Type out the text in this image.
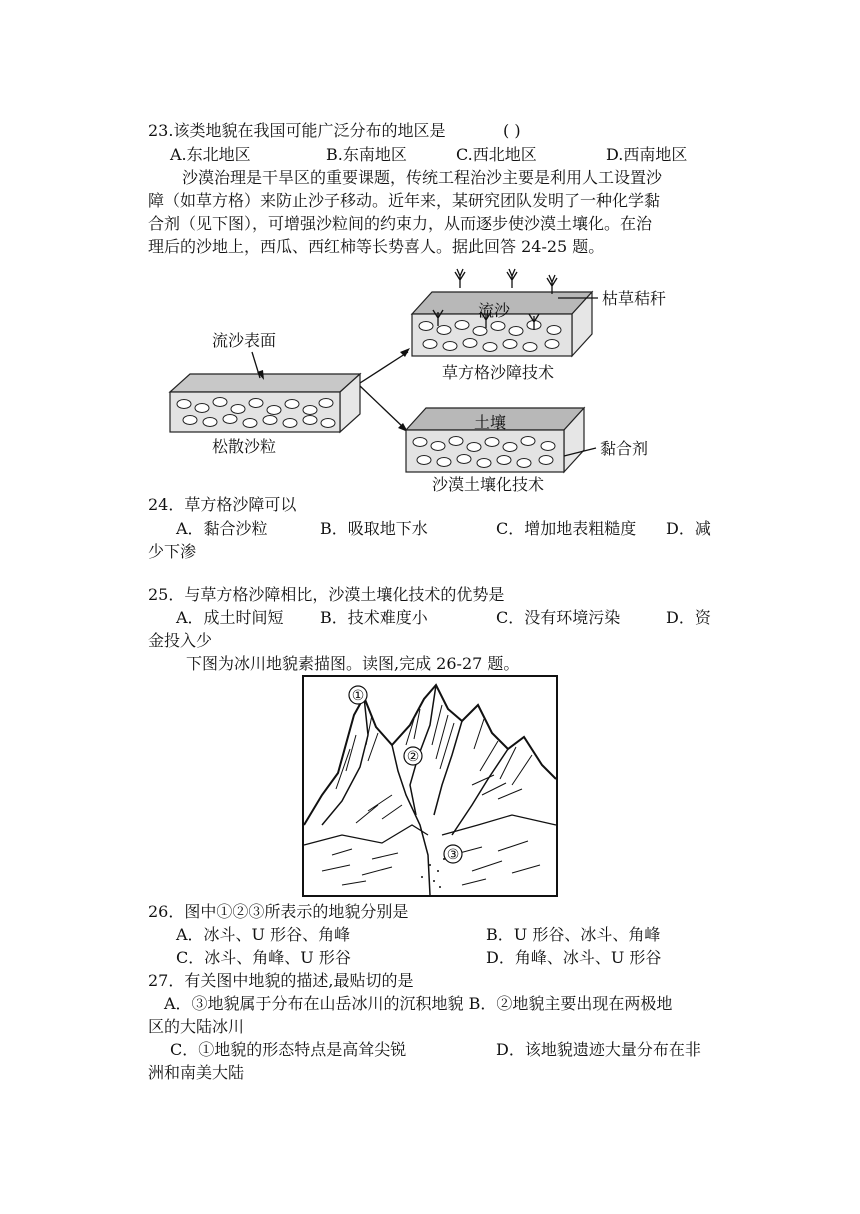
23.该类地貌在我国可能广泛分布的地区是	( )
A.东北地区	B.东南地区	C.西北地区	D.西南地区
沙漠治理是干旱区的重要课题，传统工程治沙主要是利用人工设置沙
障（如草方格）来防止沙子移动。近年来，某研究团队发明了一种化学黏
合剂（见下图），可增强沙粒间的约束力，从而逐步使沙漠土壤化。在治
理后的沙地上，西瓜、西红柿等长势喜人。据此回答 24-25 题。
流沙表面
松散沙粒
流沙
枯草秸秆
草方格沙障技术
土壤
黏合剂
沙漠土壤化技术
24．草方格沙障可以
A．黏合沙粒	B．吸取地下水	C．增加地表粗糙度 D．减
少下渗
25．与草方格沙障相比，沙漠土壤化技术的优势是
A．成土时间短 B．技术难度小	C．没有环境污染	D．资
金投入少
下图为冰川地貌素描图。读图,完成 26-27 题。
①
②
③
26．图中①②③所表示的地貌分别是
A．冰斗、U 形谷、角峰	B．U 形谷、冰斗、角峰
C．冰斗、角峰、U 形谷	D．角峰、冰斗、U 形谷
27．有关图中地貌的描述,最贴切的是
A．③地貌属于分布在山岳冰川的沉积地貌 B．②地貌主要出现在两极地
区的大陆冰川
C．①地貌的形态特点是高耸尖锐	D．该地貌遗迹大量分布在非
洲和南美大陆
